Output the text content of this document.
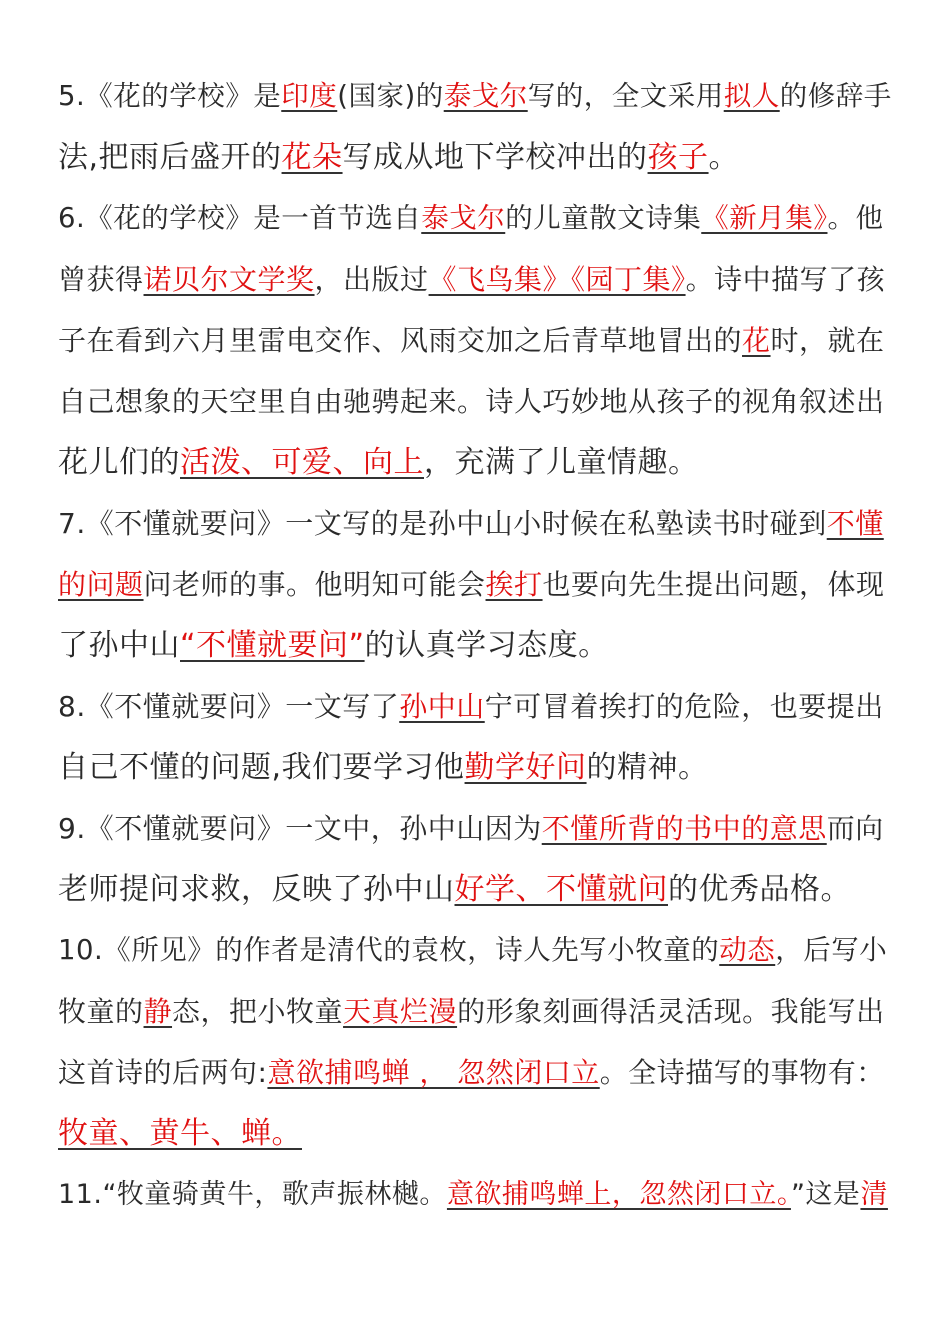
5.《花的学校》是印度(国家)的泰戈尔写的，全文采用拟人的修辞手
法,把雨后盛开的花朵写成从地下学校冲出的孩子。
6.《花的学校》是一首节选自泰戈尔的儿童散文诗集《新月集》。他
曾获得诺贝尔文学奖，出版过《飞鸟集》《园丁集》。诗中描写了孩
子在看到六月里雷电交作、风雨交加之后青草地冒出的花时，就在
自己想象的天空里自由驰骋起来。诗人巧妙地从孩子的视角叙述出
花儿们的活泼、可爱、向上，充满了儿童情趣。
7.《不懂就要问》一文写的是孙中山小时候在私塾读书时碰到不懂
的问题问老师的事。他明知可能会挨打也要向先生提出问题，体现
了孙中山“不懂就要问”的认真学习态度。
8.《不懂就要问》一文写了孙中山宁可冒着挨打的危险，也要提出
自己不懂的问题,我们要学习他勤学好问的精神。
9.《不懂就要问》一文中，孙中山因为不懂所背的书中的意思而向
老师提问求救，反映了孙中山好学、不懂就问的优秀品格。
10.《所见》的作者是清代的袁枚，诗人先写小牧童的动态，后写小
牧童的静态，把小牧童天真烂漫的形象刻画得活灵活现。我能写出
这首诗的后两句:意欲捕鸣蝉 ， 忽然闭口立。全诗描写的事物有：
牧童、黄牛、蝉。
11.“牧童骑黄牛，歌声振林樾。意欲捕鸣蝉上，忽然闭口立。”这是清
